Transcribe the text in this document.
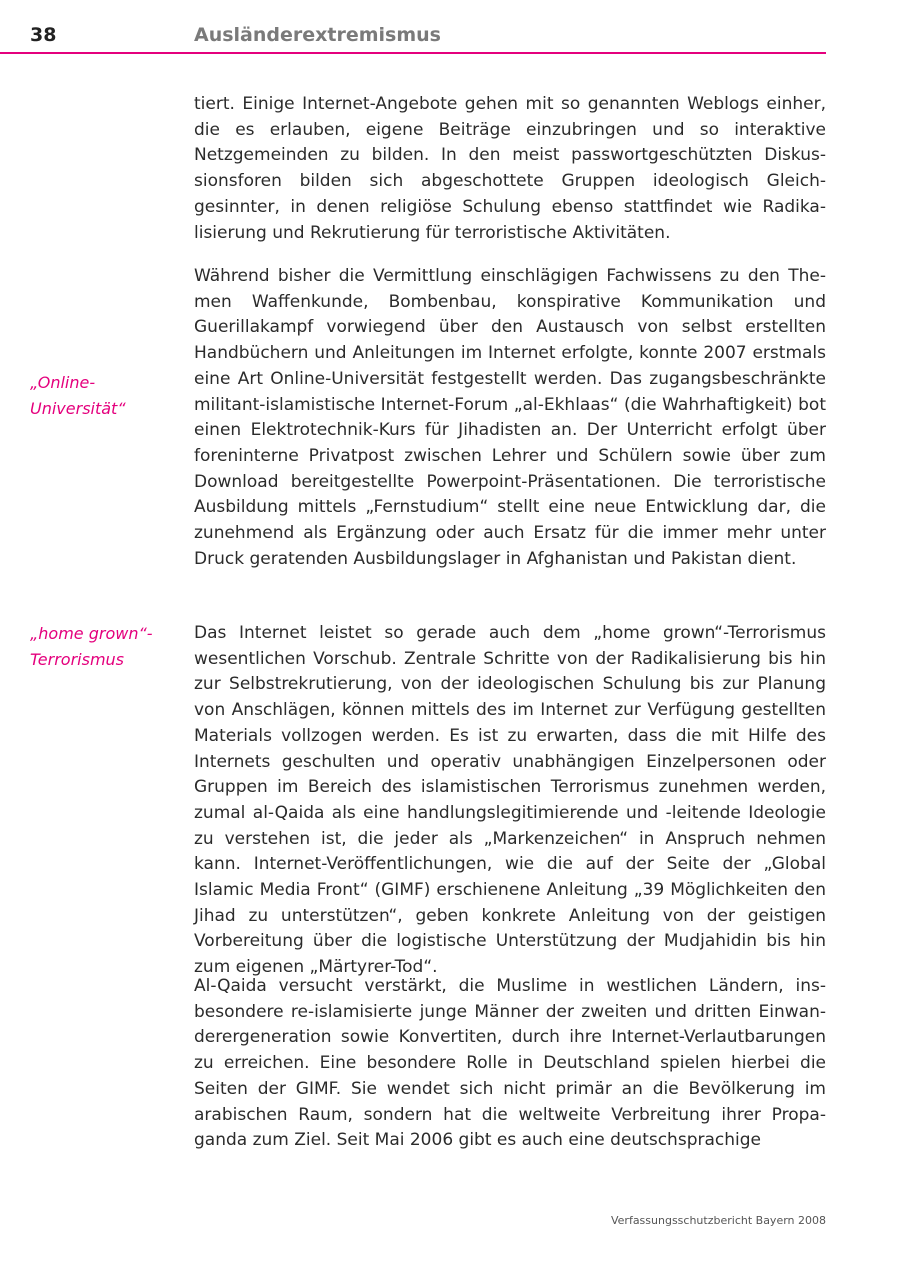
38	Ausländerextremismus
„Online-
Universität“
„home grown“-
Terrorismus

tiert. Einige Internet-Angebote gehen mit so genannten Weblogs einher, die es erlauben, eigene Beiträge einzubringen und so interaktive Netzgemeinden zu bilden. In den meist passwortgeschützten Diskussionsforen bilden sich abgeschottete Gruppen ideologisch Gleichgesinnter, in denen religiöse Schulung ebenso stattfindet wie Radikalisierung und Rekrutierung für terroristische Aktivitäten.

Während bisher die Vermittlung einschlägigen Fachwissens zu den Themen Waffenkunde, Bombenbau, konspirative Kommunikation und Guerillakampf vorwiegend über den Austausch von selbst erstellten Handbüchern und Anleitungen im Internet erfolgte, konnte 2007 erstmals eine Art Online-Universität festgestellt werden. Das zugangsbeschränkte militant-islamistische Internet-Forum „al-Ekhlaas“ (die Wahrhaftigkeit) bot einen Elektrotechnik-Kurs für Jihadisten an. Der Unterricht erfolgt über foreninterne Privatpost zwischen Lehrer und Schülern sowie über zum Download bereitgestellte Powerpoint-Präsentationen. Die terroristische Ausbildung mittels „Fernstudium“ stellt eine neue Entwicklung dar, die zunehmend als Ergänzung oder auch Ersatz für die immer mehr unter Druck geratenden Ausbildungslager in Afghanistan und Pakistan dient.

Das Internet leistet so gerade auch dem „home grown“-Terrorismus wesentlichen Vorschub. Zentrale Schritte von der Radikalisierung bis hin zur Selbstrekrutierung, von der ideologischen Schulung bis zur Planung von Anschlägen, können mittels des im Internet zur Verfügung gestellten Materials vollzogen werden. Es ist zu erwarten, dass die mit Hilfe des Internets geschulten und operativ unabhängigen Einzelpersonen oder Gruppen im Bereich des islamistischen Terrorismus zunehmen werden, zumal al-Qaida als eine handlungslegitimierende und -leitende Ideologie zu verstehen ist, die jeder als „Markenzeichen“ in Anspruch nehmen kann. Internet-Veröffentlichungen, wie die auf der Seite der „Global Islamic Media Front“ (GIMF) erschienene Anleitung „39 Möglichkeiten den Jihad zu unterstützen“, geben konkrete Anleitung von der geistigen Vorbereitung über die logistische Unterstützung der Mudjahidin bis hin zum eigenen „Märtyrer-Tod“.

Al-Qaida versucht verstärkt, die Muslime in westlichen Ländern, insbesondere re-islamisierte junge Männer der zweiten und dritten Einwanderergeneration sowie Konvertiten, durch ihre Internet-Verlautbarungen zu erreichen. Eine besondere Rolle in Deutschland spielen hierbei die Seiten der GIMF. Sie wendet sich nicht primär an die Bevölkerung im arabischen Raum, sondern hat die weltweite Verbreitung ihrer Propaganda zum Ziel. Seit Mai 2006 gibt es auch eine deutschsprachige

Verfassungsschutzbericht Bayern 2008
